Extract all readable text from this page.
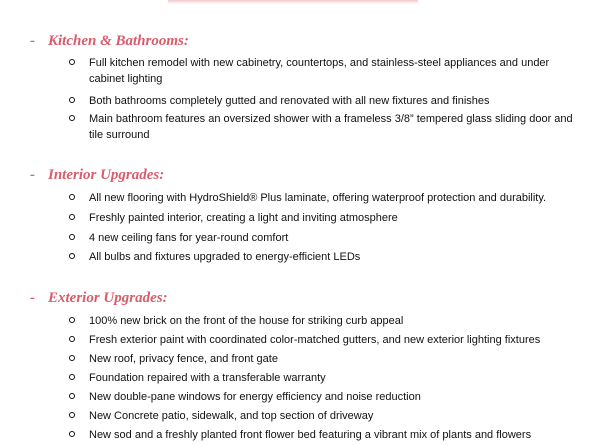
- Kitchen & Bathrooms:
Full kitchen remodel with new cabinetry, countertops, and stainless-steel appliances and under cabinet lighting
Both bathrooms completely gutted and renovated with all new fixtures and finishes
Main bathroom features an oversized shower with a frameless 3/8” tempered glass sliding door and tile surround
- Interior Upgrades:
All new flooring with HydroShield® Plus laminate, offering waterproof protection and durability.
Freshly painted interior, creating a light and inviting atmosphere
4 new ceiling fans for year-round comfort
All bulbs and fixtures upgraded to energy-efficient LEDs
- Exterior Upgrades:
100% new brick on the front of the house for striking curb appeal
Fresh exterior paint with coordinated color-matched gutters, and new exterior lighting fixtures
New roof, privacy fence, and front gate
Foundation repaired with a transferable warranty
New double-pane windows for energy efficiency and noise reduction
New Concrete patio, sidewalk, and top section of driveway
New sod and a freshly planted front flower bed featuring a vibrant mix of plants and flowers
